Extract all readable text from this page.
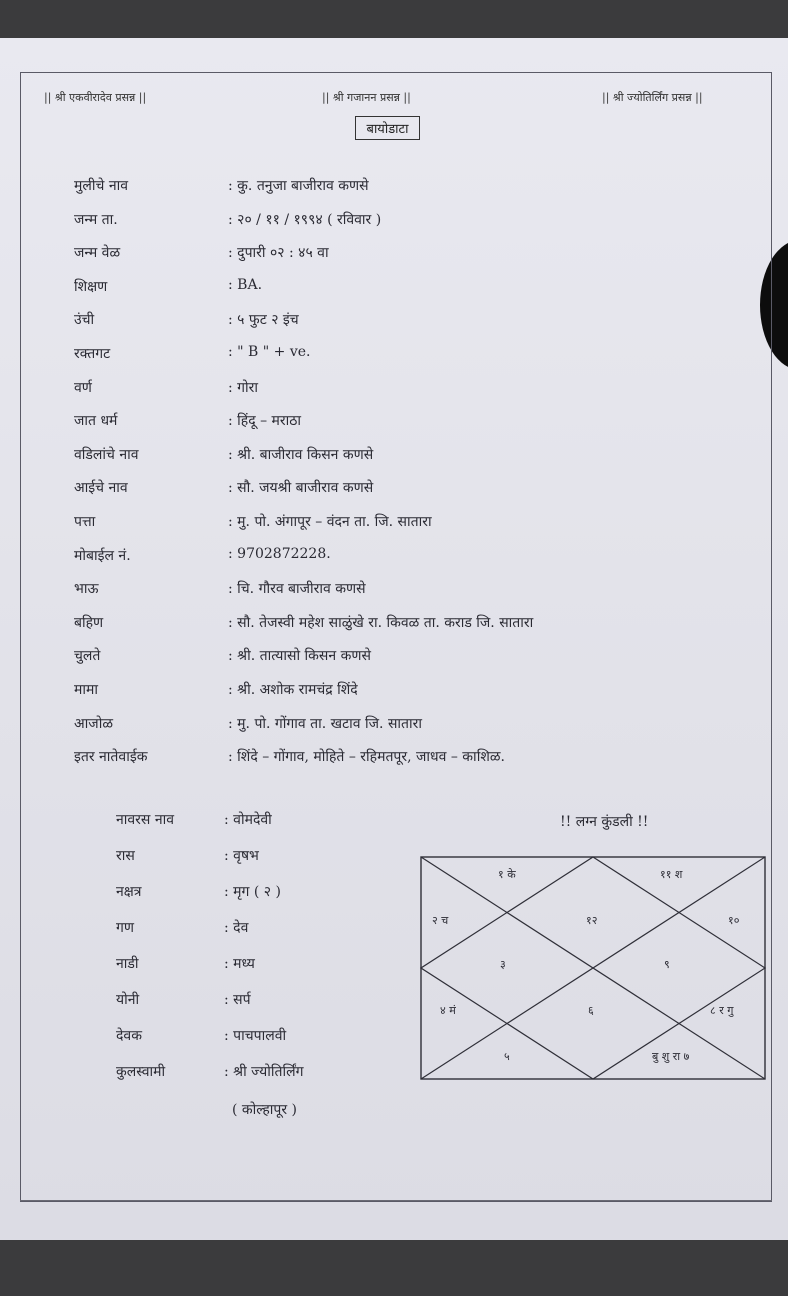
|| श्री एकवीरादेव प्रसन्न ||	|| श्री गजानन प्रसन्न ||	|| श्री ज्योतिर्लिंग प्रसन्न ||
बायोडाटा
मुलीचे नाव	: कु. तनुजा बाजीराव कणसे
जन्म ता.	: २० / ११ / १९९४ ( रविवार )
जन्म वेळ	: दुपारी ०२ : ४५ वा
शिक्षण	: BA.
उंची	: ५ फुट २ इंच
रक्तगट	: " B " + ve.
वर्ण	: गोरा
जात धर्म	: हिंदू – मराठा
वडिलांचे नाव	: श्री. बाजीराव किसन कणसे
आईचे नाव	: सौ. जयश्री बाजीराव कणसे
पत्ता	: मु. पो. अंगापूर – वंदन ता. जि. सातारा
मोबाईल नं.	: 9702872228.
भाऊ	: चि. गौरव बाजीराव कणसे
बहिण	: सौ. तेजस्वी महेश साळुंखे रा. किवळ ता. कराड जि. सातारा
चुलते	: श्री. तात्यासो किसन कणसे
मामा	: श्री. अशोक रामचंद्र शिंदे
आजोळ	: मु. पो. गोंगाव ता. खटाव जि. सातारा
इतर नातेवाईक	: शिंदे – गोंगाव, मोहिते – रहिमतपूर, जाधव – काशिळ.
नावरस नाव	: वोमदेवी
रास	: वृषभ
नक्षत्र	: मृग ( २ )
गण	: देव
नाडी	: मध्य
योनी	: सर्प
देवक	: पाचपालवी
कुलस्वामी	: श्री ज्योतिर्लिंग
( कोल्हापूर )
!! लग्न कुंडली !!
१ के	११ श
२ च	१२	१०
३	९
४ मं	६	८ र गु
५	बु शु रा ७
